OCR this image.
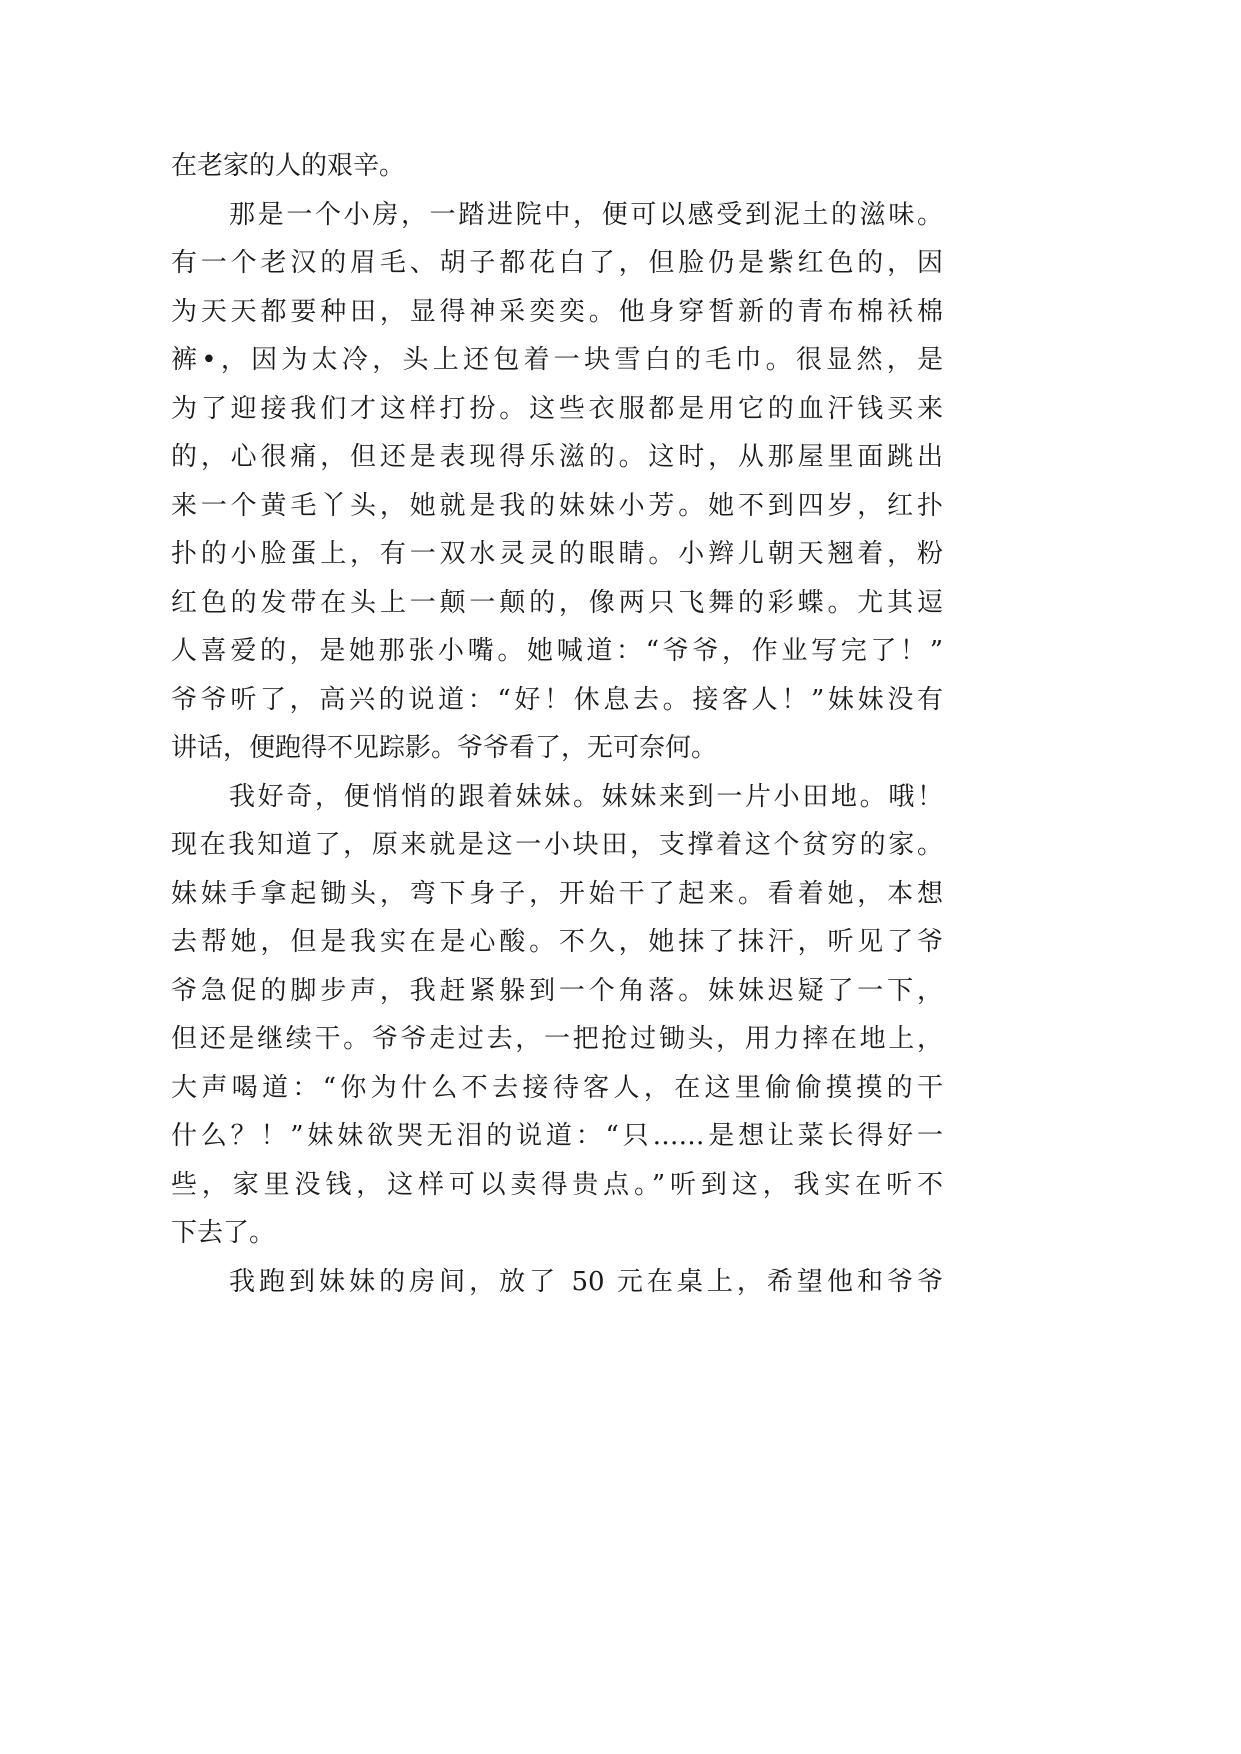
在老家的人的艰辛。
那是一个小房，一踏进院中，便可以感受到泥土的滋味。
有一个老汉的眉毛、胡子都花白了，但脸仍是紫红色的，因
为天天都要种田，显得神采奕奕。他身穿皙新的青布棉袄棉
裤•，因为太冷，头上还包着一块雪白的毛巾。很显然，是
为了迎接我们才这样打扮。这些衣服都是用它的血汗钱买来
的，心很痛，但还是表现得乐滋的。这时，从那屋里面跳出
来一个黄毛丫头，她就是我的妹妹小芳。她不到四岁，红扑
扑的小脸蛋上，有一双水灵灵的眼睛。小辫儿朝天翘着，粉
红色的发带在头上一颠一颠的，像两只飞舞的彩蝶。尤其逗
人喜爱的，是她那张小嘴。她喊道：“爷爷，作业写完了！”
爷爷听了，高兴的说道：“好！休息去。接客人！”妹妹没有
讲话，便跑得不见踪影。爷爷看了，无可奈何。
我好奇，便悄悄的跟着妹妹。妹妹来到一片小田地。哦！
现在我知道了，原来就是这一小块田，支撑着这个贫穷的家。
妹妹手拿起锄头，弯下身子，开始干了起来。看着她，本想
去帮她，但是我实在是心酸。不久，她抹了抹汗，听见了爷
爷急促的脚步声，我赶紧躲到一个角落。妹妹迟疑了一下，
但还是继续干。爷爷走过去，一把抢过锄头，用力摔在地上，
大声喝道：“你为什么不去接待客人，在这里偷偷摸摸的干
什么？！”妹妹欲哭无泪的说道：“只……是想让菜长得好一
些，家里没钱，这样可以卖得贵点。”听到这，我实在听不
下去了。
我跑到妹妹的房间，放了 50 元在桌上，希望他和爷爷
